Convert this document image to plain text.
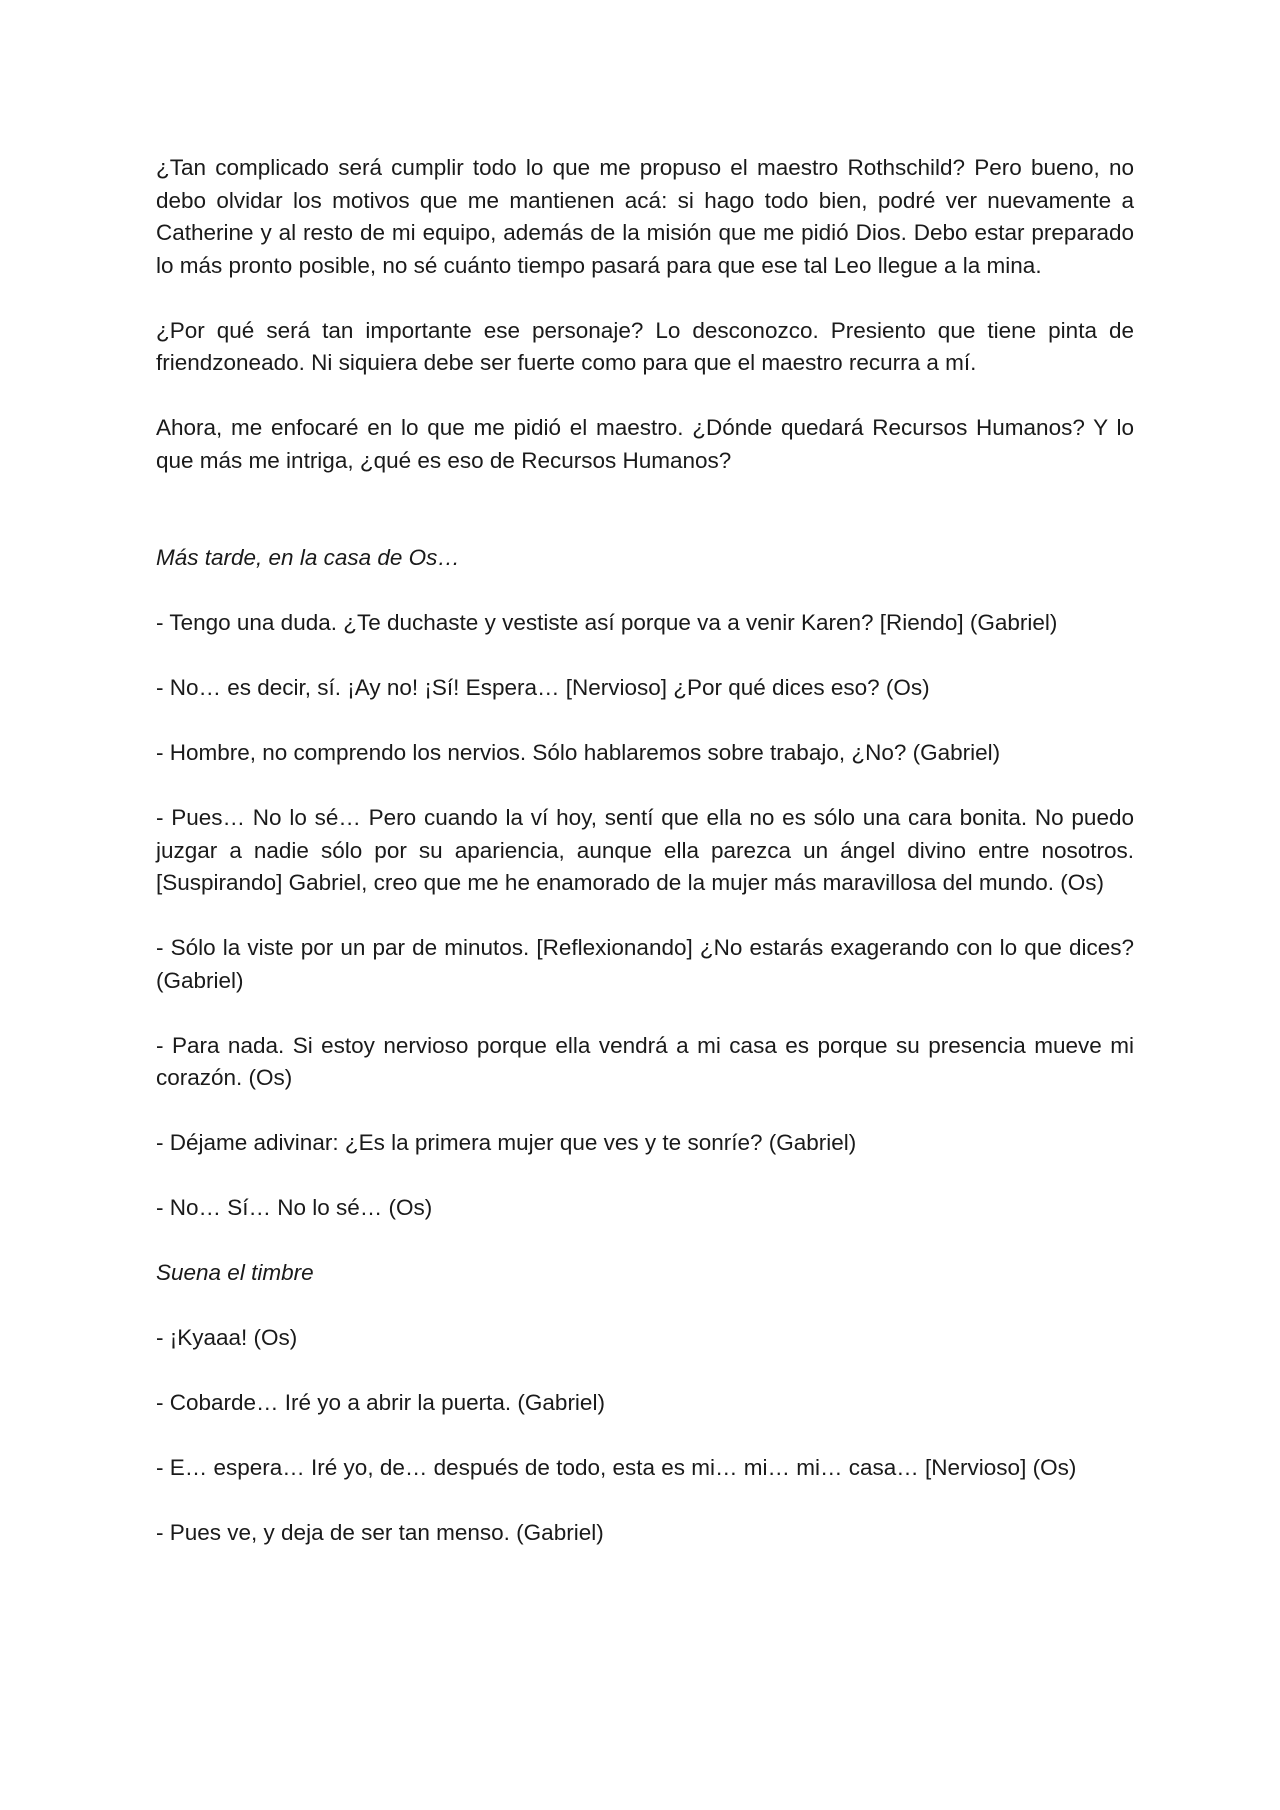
¿Tan complicado será cumplir todo lo que me propuso el maestro Rothschild? Pero bueno, no debo olvidar los motivos que me mantienen acá: si hago todo bien, podré ver nuevamente a Catherine y al resto de mi equipo, además de la misión que me pidió Dios. Debo estar preparado lo más pronto posible, no sé cuánto tiempo pasará para que ese tal Leo llegue a la mina.

¿Por qué será tan importante ese personaje? Lo desconozco. Presiento que tiene pinta de friendzoneado. Ni siquiera debe ser fuerte como para que el maestro recurra a mí.

Ahora, me enfocaré en lo que me pidió el maestro. ¿Dónde quedará Recursos Humanos? Y lo que más me intriga, ¿qué es eso de Recursos Humanos?

Más tarde, en la casa de Os…

- Tengo una duda. ¿Te duchaste y vestiste así porque va a venir Karen? [Riendo] (Gabriel)

- No… es decir, sí. ¡Ay no! ¡Sí! Espera… [Nervioso] ¿Por qué dices eso? (Os)

- Hombre, no comprendo los nervios. Sólo hablaremos sobre trabajo, ¿No? (Gabriel)

- Pues… No lo sé… Pero cuando la ví hoy, sentí que ella no es sólo una cara bonita. No puedo juzgar a nadie sólo por su apariencia, aunque ella parezca un ángel divino entre nosotros. [Suspirando] Gabriel, creo que me he enamorado de la mujer más maravillosa del mundo. (Os)

- Sólo la viste por un par de minutos. [Reflexionando] ¿No estarás exagerando con lo que dices? (Gabriel)

- Para nada. Si estoy nervioso porque ella vendrá a mi casa es porque su presencia mueve mi corazón. (Os)

- Déjame adivinar: ¿Es la primera mujer que ves y te sonríe? (Gabriel)

- No… Sí… No lo sé… (Os)

Suena el timbre

- ¡Kyaaa! (Os)

- Cobarde… Iré yo a abrir la puerta. (Gabriel)

- E… espera… Iré yo, de… después de todo, esta es mi… mi… mi… casa… [Nervioso] (Os)

- Pues ve, y deja de ser tan menso. (Gabriel)
